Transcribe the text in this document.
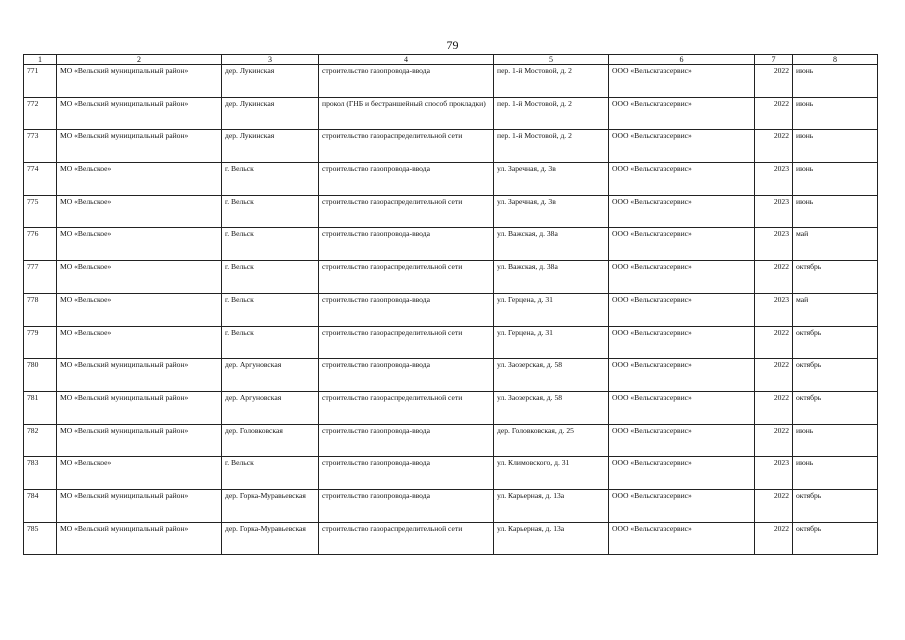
79
1	2	3	4	5	6	7	8
771	МО «Вельский муниципальный район»	дер. Лукинская	строительство газопровода-ввода	пер. 1-й Мостовой, д. 2	ООО «Вельскгазсервис»	2022	июнь
772	МО «Вельский муниципальный район»	дер. Лукинская	прокол (ГНБ и бестраншейный способ прокладки)	пер. 1-й Мостовой, д. 2	ООО «Вельскгазсервис»	2022	июнь
773	МО «Вельский муниципальный район»	дер. Лукинская	строительство газораспределительной сети	пер. 1-й Мостовой, д. 2	ООО «Вельскгазсервис»	2022	июнь
774	МО «Вельское»	г. Вельск	строительство газопровода-ввода	ул. Заречная, д. 3в	ООО «Вельскгазсервис»	2023	июнь
775	МО «Вельское»	г. Вельск	строительство газораспределительной сети	ул. Заречная, д. 3в	ООО «Вельскгазсервис»	2023	июнь
776	МО «Вельское»	г. Вельск	строительство газопровода-ввода	ул. Важская, д. 38а	ООО «Вельскгазсервис»	2023	май
777	МО «Вельское»	г. Вельск	строительство газораспределительной сети	ул. Важская, д. 38а	ООО «Вельскгазсервис»	2022	октябрь
778	МО «Вельское»	г. Вельск	строительство газопровода-ввода	ул. Герцена, д. 31	ООО «Вельскгазсервис»	2023	май
779	МО «Вельское»	г. Вельск	строительство газораспределительной сети	ул. Герцена, д. 31	ООО «Вельскгазсервис»	2022	октябрь
780	МО «Вельский муниципальный район»	дер. Аргуновская	строительство газопровода-ввода	ул. Заозерская, д. 58	ООО «Вельскгазсервис»	2022	октябрь
781	МО «Вельский муниципальный район»	дер. Аргуновская	строительство газораспределительной сети	ул. Заозерская, д. 58	ООО «Вельскгазсервис»	2022	октябрь
782	МО «Вельский муниципальный район»	дер. Головковская	строительство газопровода-ввода	дер. Головковская, д. 25	ООО «Вельскгазсервис»	2022	июнь
783	МО «Вельское»	г. Вельск	строительство газопровода-ввода	ул. Климовского, д. 31	ООО «Вельскгазсервис»	2023	июнь
784	МО «Вельский муниципальный район»	дер. Горка-Муравьевская	строительство газопровода-ввода	ул. Карьерная, д. 13а	ООО «Вельскгазсервис»	2022	октябрь
785	МО «Вельский муниципальный район»	дер. Горка-Муравьевская	строительство газораспределительной сети	ул. Карьерная, д. 13а	ООО «Вельскгазсервис»	2022	октябрь
